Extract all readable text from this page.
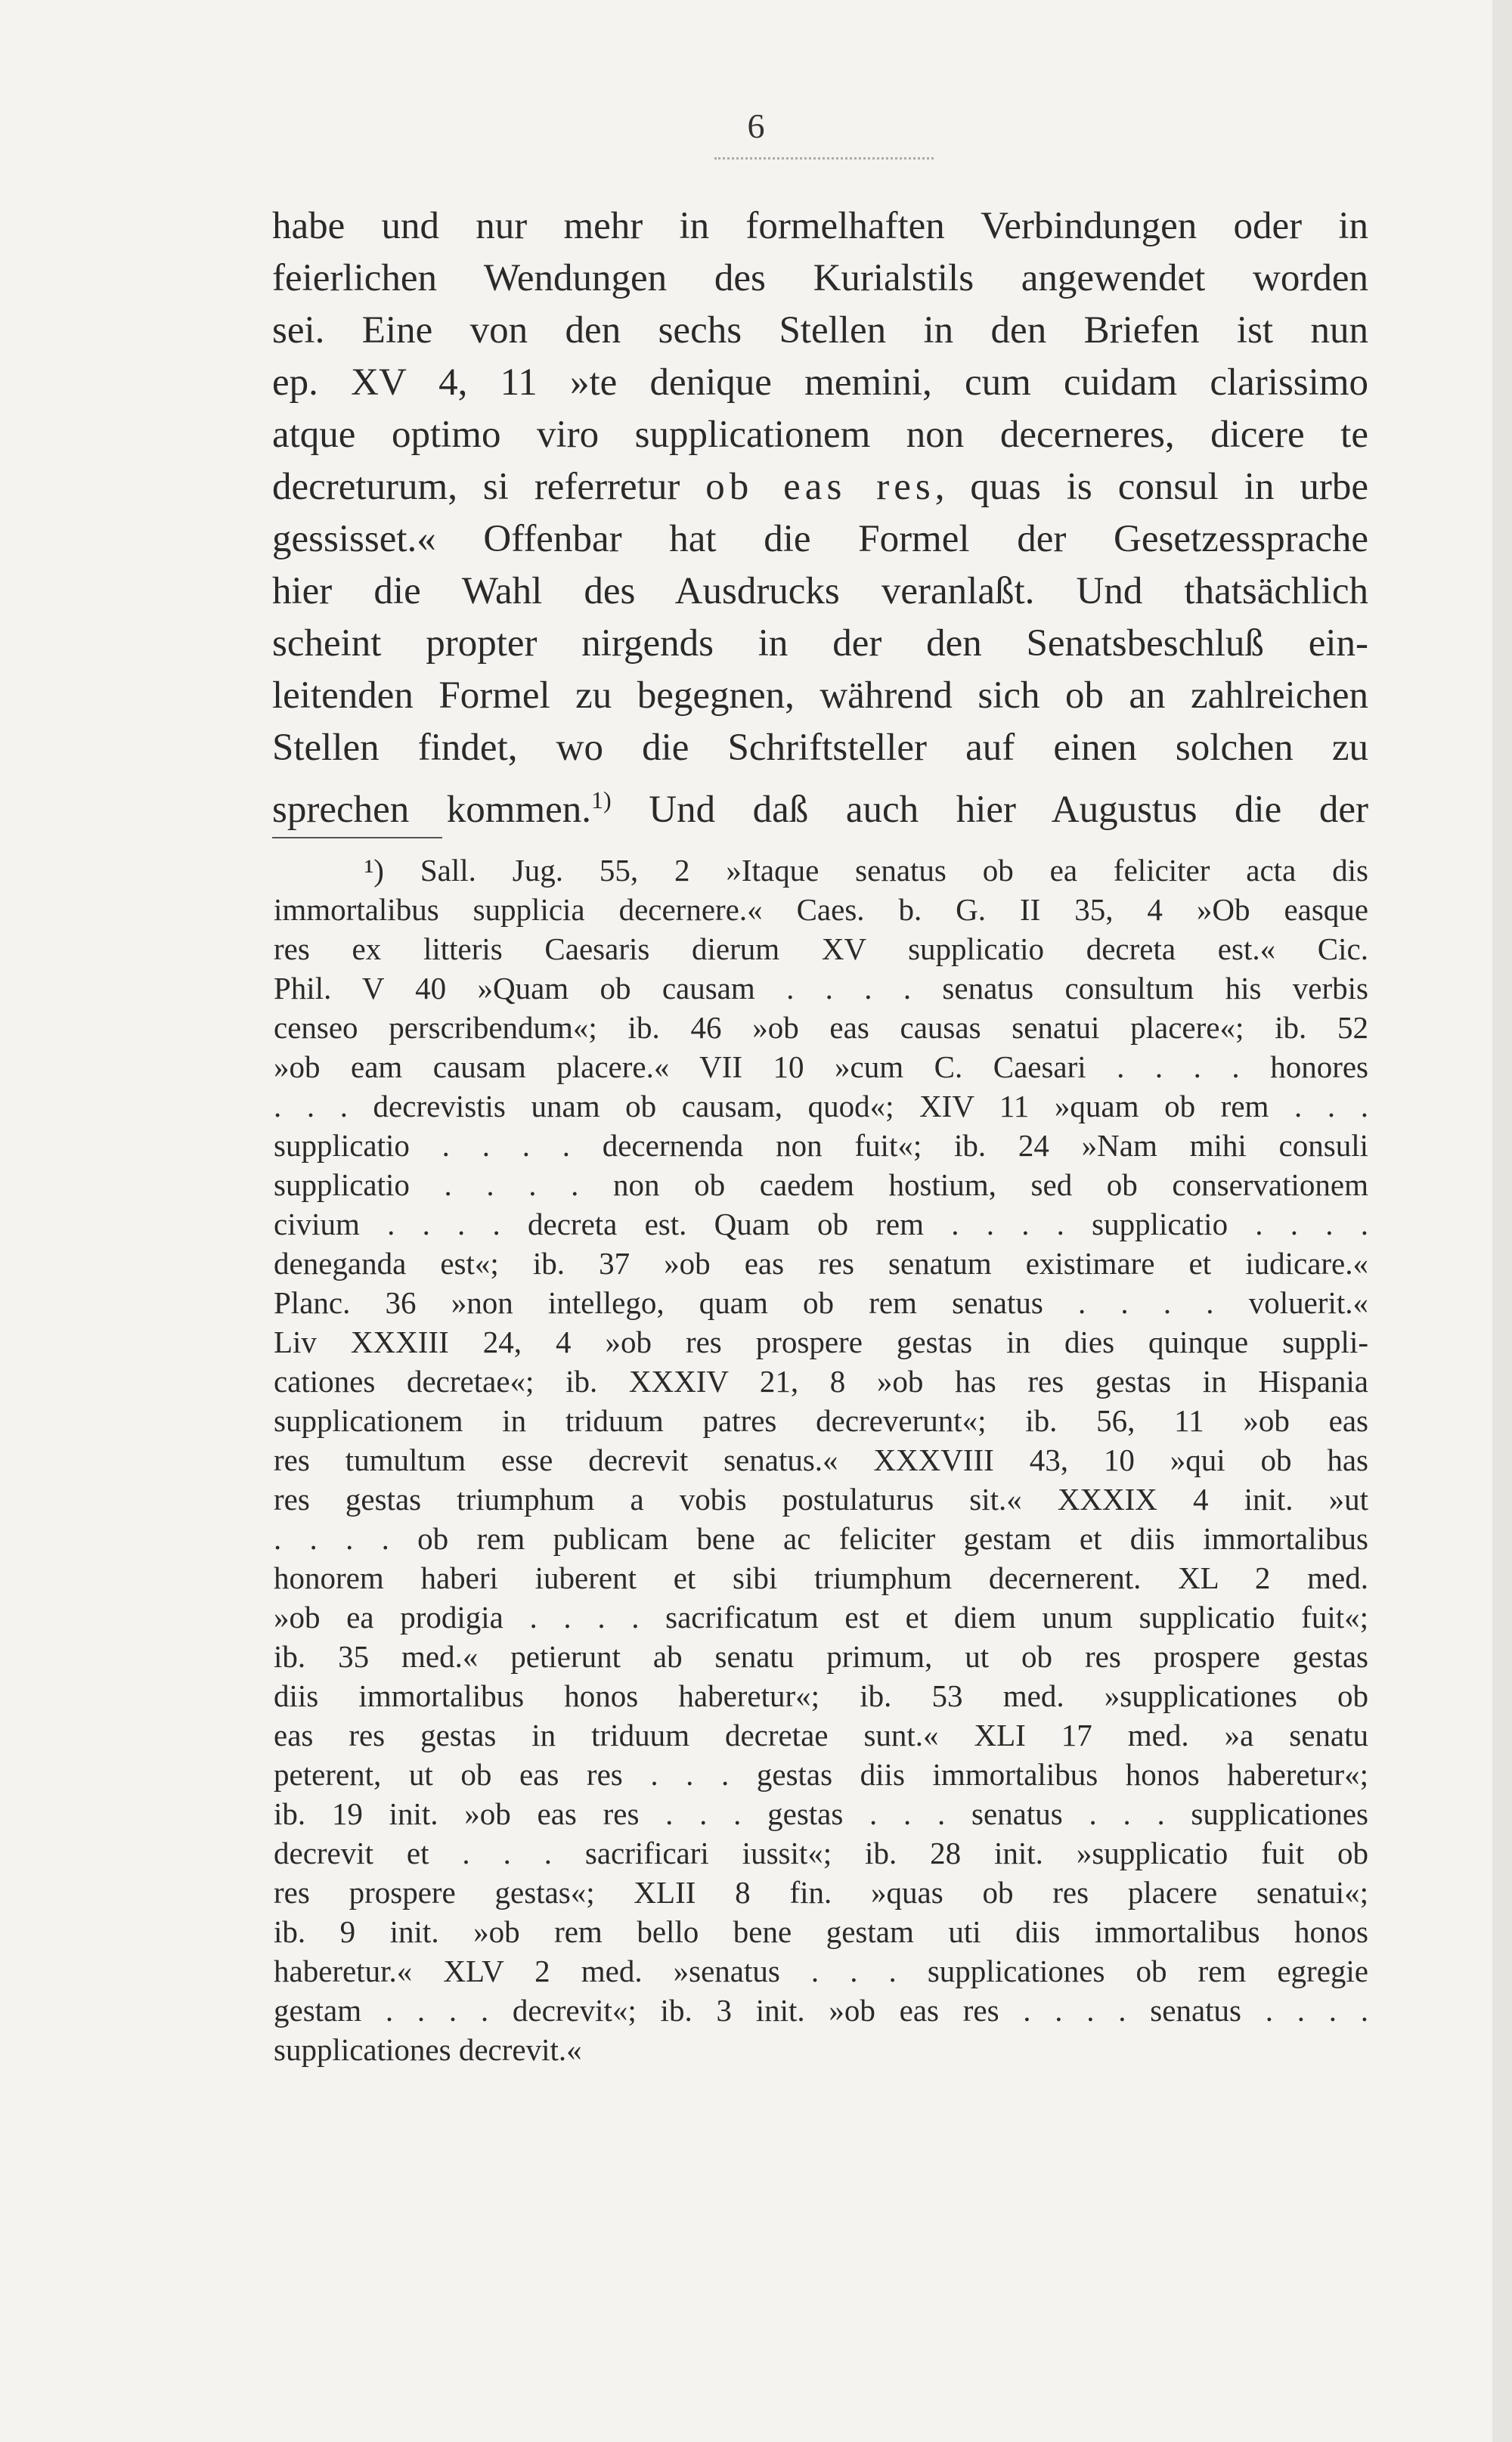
6
habe und nur mehr in formelhaften Verbindungen oder in
feierlichen Wendungen des Kurialstils angewendet worden
sei. Eine von den sechs Stellen in den Briefen ist nun
ep. XV 4, 11 »te denique memini, cum cuidam clarissimo
atque optimo viro supplicationem non decerneres, dicere te
decreturum, si referretur ob eas res, quas is consul in urbe
gessisset.« Offenbar hat die Formel der Gesetzessprache
hier die Wahl des Ausdrucks veranlaßt. Und thatsächlich
scheint propter nirgends in der den Senatsbeschluß ein-
leitenden Formel zu begegnen, während sich ob an zahlreichen
Stellen findet, wo die Schriftsteller auf einen solchen zu
sprechen kommen.$^{1)}$ Und daß auch hier Augustus die der
¹) Sall. Jug. 55, 2 »Itaque senatus ob ea feliciter acta dis
immortalibus supplicia decernere.« Caes. b. G. II 35, 4 »Ob easque
res ex litteris Caesaris dierum XV supplicatio decreta est.« Cic.
Phil. V 40 »Quam ob causam . . . . senatus consultum his verbis
censeo perscribendum«; ib. 46 »ob eas causas senatui placere«; ib. 52
»ob eam causam placere.« VII 10 »cum C. Caesari . . . . honores
. . . decrevistis unam ob causam, quod«; XIV 11 »quam ob rem . . .
supplicatio . . . . decernenda non fuit«; ib. 24 »Nam mihi consuli
supplicatio . . . . non ob caedem hostium, sed ob conservationem
civium . . . . decreta est. Quam ob rem . . . . supplicatio . . . .
deneganda est«; ib. 37 »ob eas res senatum existimare et iudicare.«
Planc. 36 »non intellego, quam ob rem senatus . . . . voluerit.«
Liv XXXIII 24, 4 »ob res prospere gestas in dies quinque suppli-
cationes decretae«; ib. XXXIV 21, 8 »ob has res gestas in Hispania
supplicationem in triduum patres decreverunt«; ib. 56, 11 »ob eas
res tumultum esse decrevit senatus.« XXXVIII 43, 10 »qui ob has
res gestas triumphum a vobis postulaturus sit.« XXXIX 4 init. »ut
. . . . ob rem publicam bene ac feliciter gestam et diis immortalibus
honorem haberi iuberent et sibi triumphum decernerent. XL 2 med.
»ob ea prodigia . . . . sacrificatum est et diem unum supplicatio fuit«;
ib. 35 med.« petierunt ab senatu primum, ut ob res prospere gestas
diis immortalibus honos haberetur«; ib. 53 med. »supplicationes ob
eas res gestas in triduum decretae sunt.« XLI 17 med. »a senatu
peterent, ut ob eas res . . . gestas diis immortalibus honos haberetur«;
ib. 19 init. »ob eas res . . . gestas . . . senatus . . . supplicationes
decrevit et . . . sacrificari iussit«; ib. 28 init. »supplicatio fuit ob
res prospere gestas«; XLII 8 fin. »quas ob res placere senatui«;
ib. 9 init. »ob rem bello bene gestam uti diis immortalibus honos
haberetur.« XLV 2 med. »senatus . . . supplicationes ob rem egregie
gestam . . . . decrevit«; ib. 3 init. »ob eas res . . . . senatus . . . .
supplicationes decrevit.«
